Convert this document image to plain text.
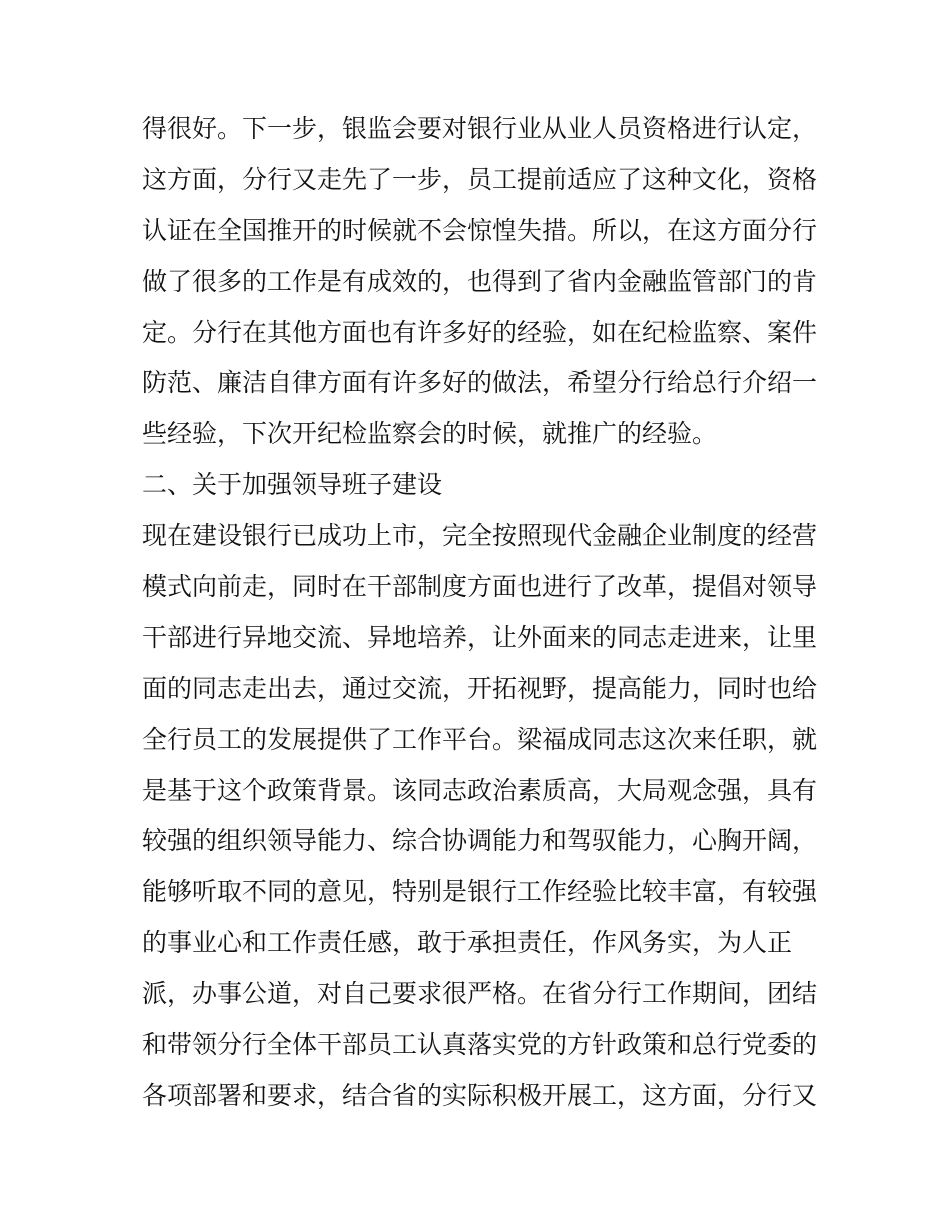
得很好。下一步，银监会要对银行业从业人员资格进行认定，
这方面，分行又走先了一步，员工提前适应了这种文化，资格
认证在全国推开的时候就不会惊惶失措。所以，在这方面分行
做了很多的工作是有成效的，也得到了省内金融监管部门的肯
定。分行在其他方面也有许多好的经验，如在纪检监察、案件
防范、廉洁自律方面有许多好的做法，希望分行给总行介绍一
些经验，下次开纪检监察会的时候，就推广的经验。
二、关于加强领导班子建设
现在建设银行已成功上市，完全按照现代金融企业制度的经营
模式向前走，同时在干部制度方面也进行了改革，提倡对领导
干部进行异地交流、异地培养，让外面来的同志走进来，让里
面的同志走出去，通过交流，开拓视野，提高能力，同时也给
全行员工的发展提供了工作平台。梁福成同志这次来任职，就
是基于这个政策背景。该同志政治素质高，大局观念强，具有
较强的组织领导能力、综合协调能力和驾驭能力，心胸开阔，
能够听取不同的意见，特别是银行工作经验比较丰富，有较强
的事业心和工作责任感，敢于承担责任，作风务实，为人正
派，办事公道，对自己要求很严格。在省分行工作期间，团结
和带领分行全体干部员工认真落实党的方针政策和总行党委的
各项部署和要求，结合省的实际积极开展工，这方面，分行又
